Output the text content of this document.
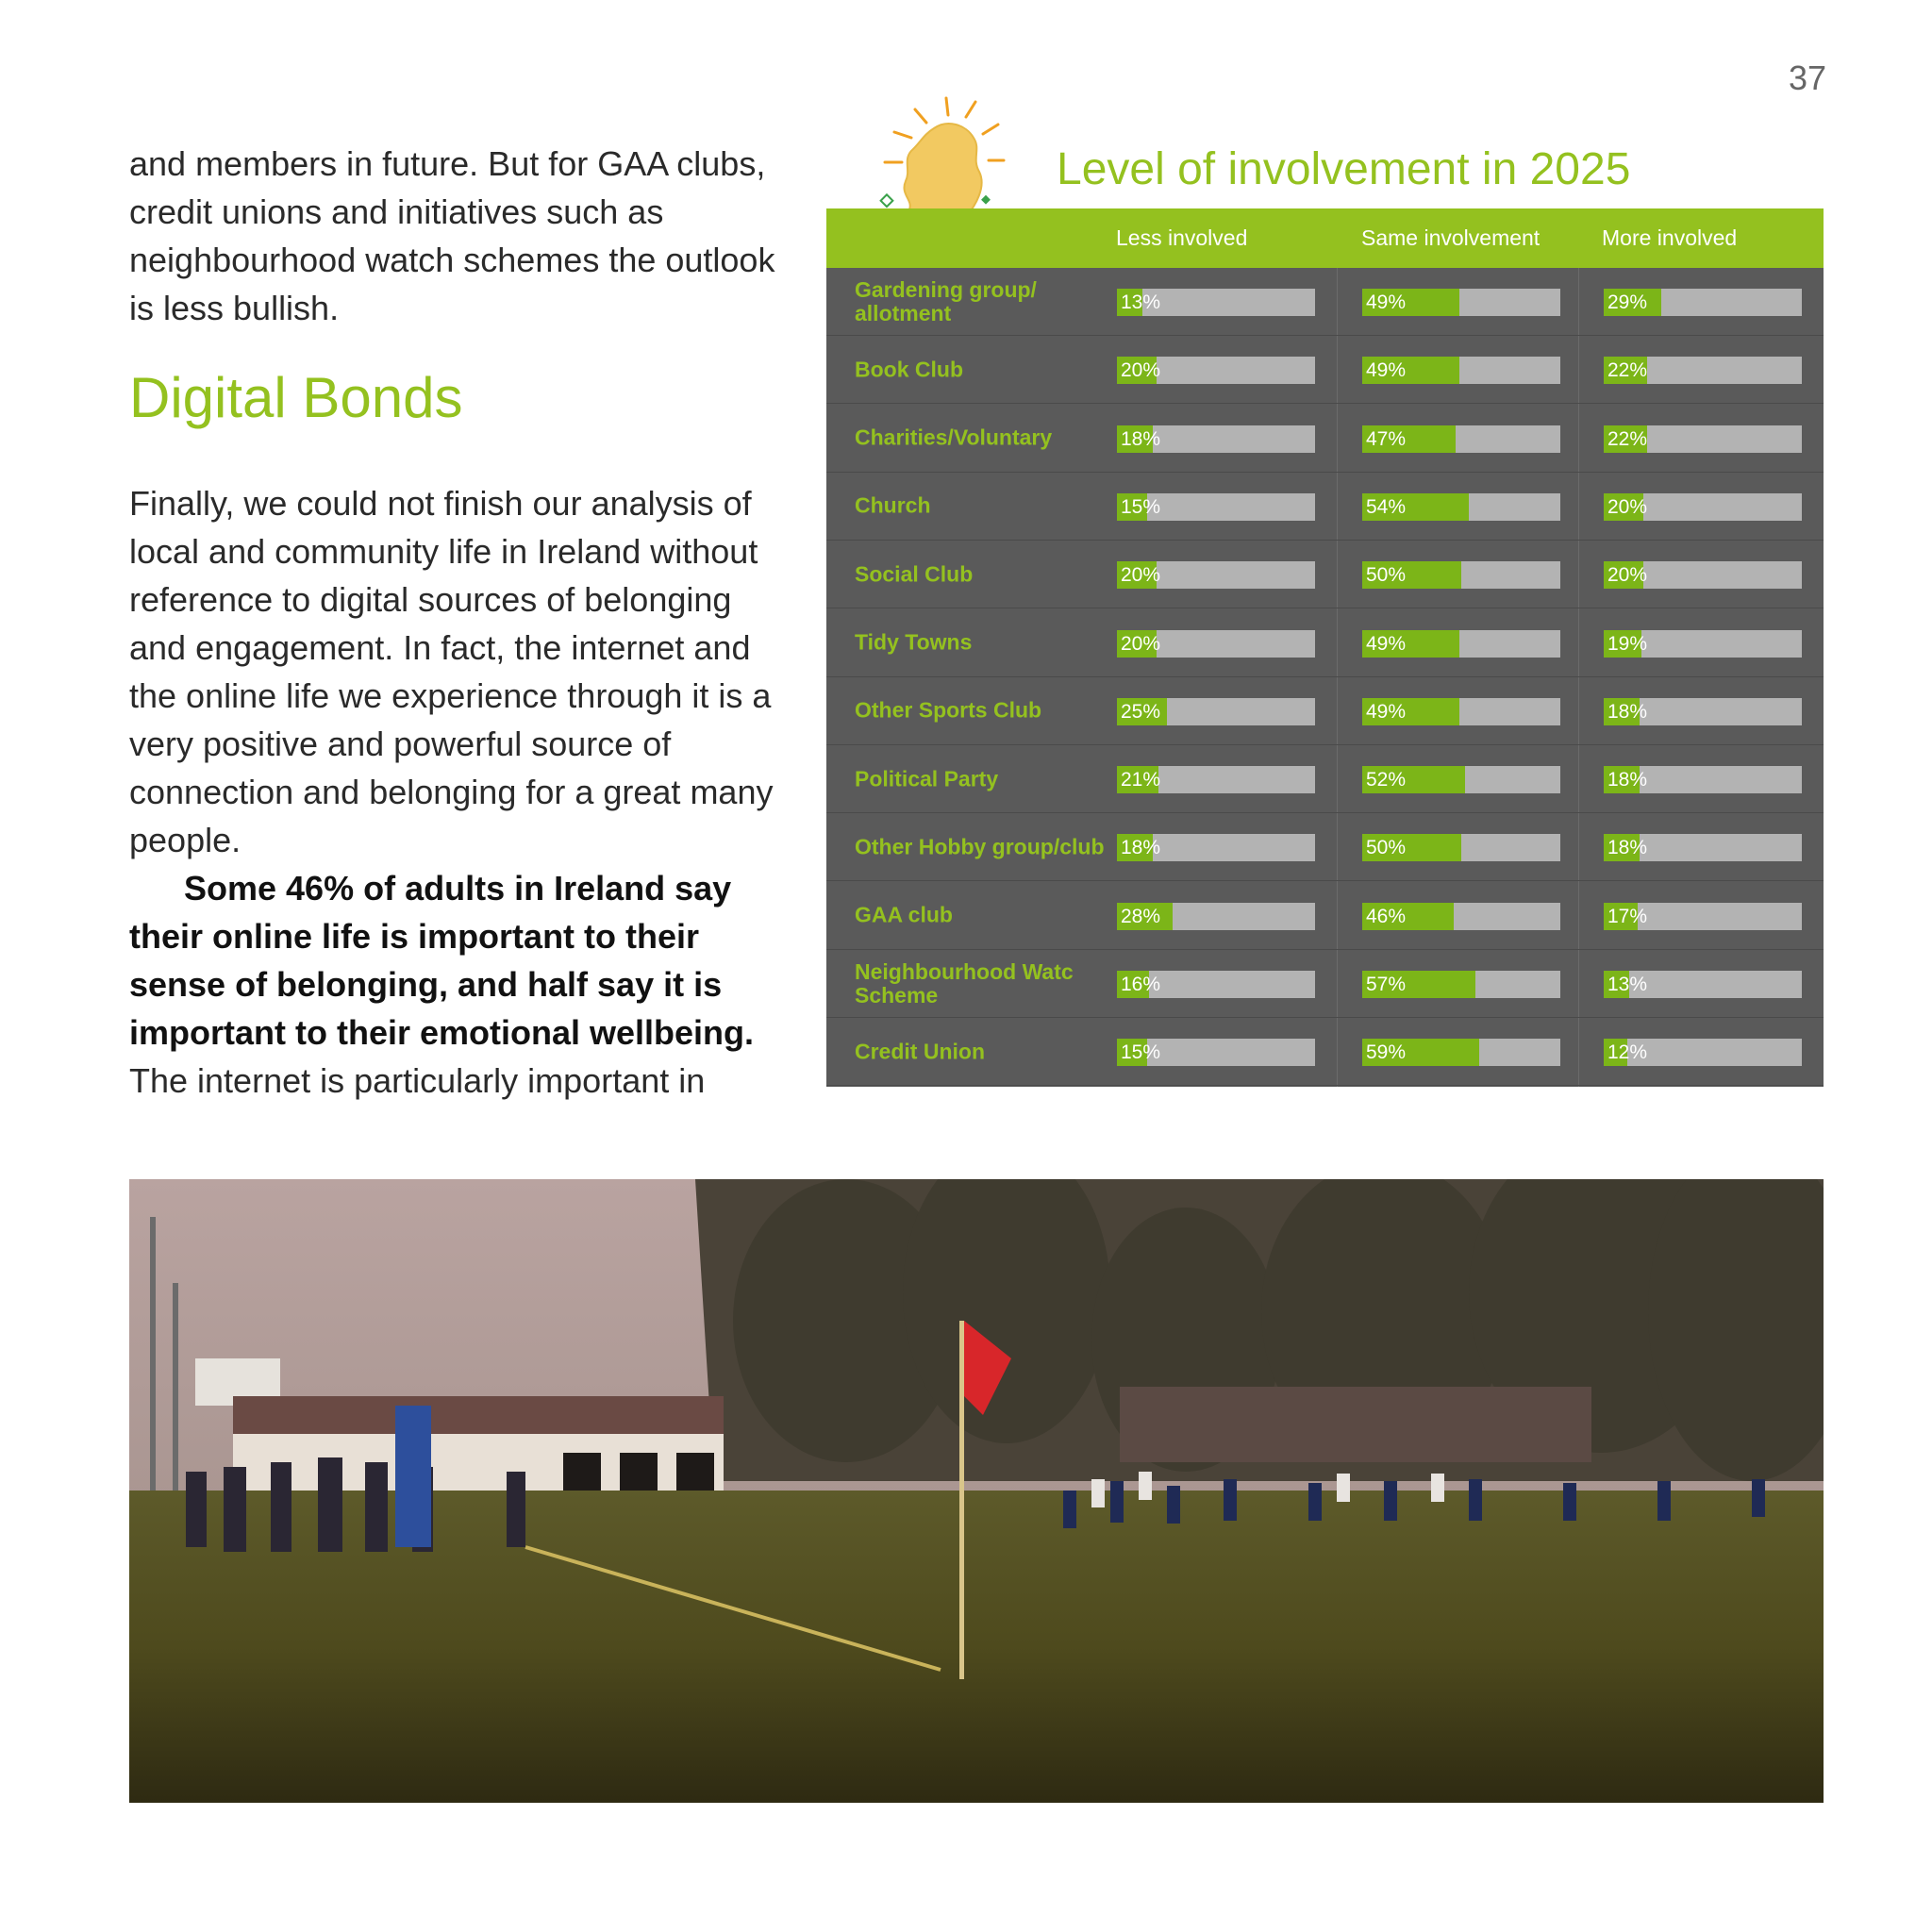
37

and members in future. But for GAA clubs, credit unions and initiatives such as neighbourhood watch schemes the outlook is less bullish.

Digital Bonds

Finally, we could not finish our analysis of local and community life in Ireland without reference to digital sources of belonging and engagement. In fact, the internet and the online life we experience through it is a very positive and powerful source of connection and belonging for a great many people.

Some 46% of adults in Ireland say their online life is important to their sense of belonging, and half say it is important to their emotional wellbeing. The internet is particularly important in

Level of involvement in 2025
Less involved	Same involvement	More involved
Gardening group/ allotment	13%	49%	29%
Book Club	20%	49%	22%
Charities/Voluntary	18%	47%	22%
Church	15%	54%	20%
Social Club	20%	50%	20%
Tidy Towns	20%	49%	19%
Other Sports Club	25%	49%	18%
Political Party	21%	52%	18%
Other Hobby group/club 18%	50%	18%
GAA club	28%	46%	17%
Neighbourhood Watc Scheme	16%	57%	13%
Credit Union	15%	59%	12%
